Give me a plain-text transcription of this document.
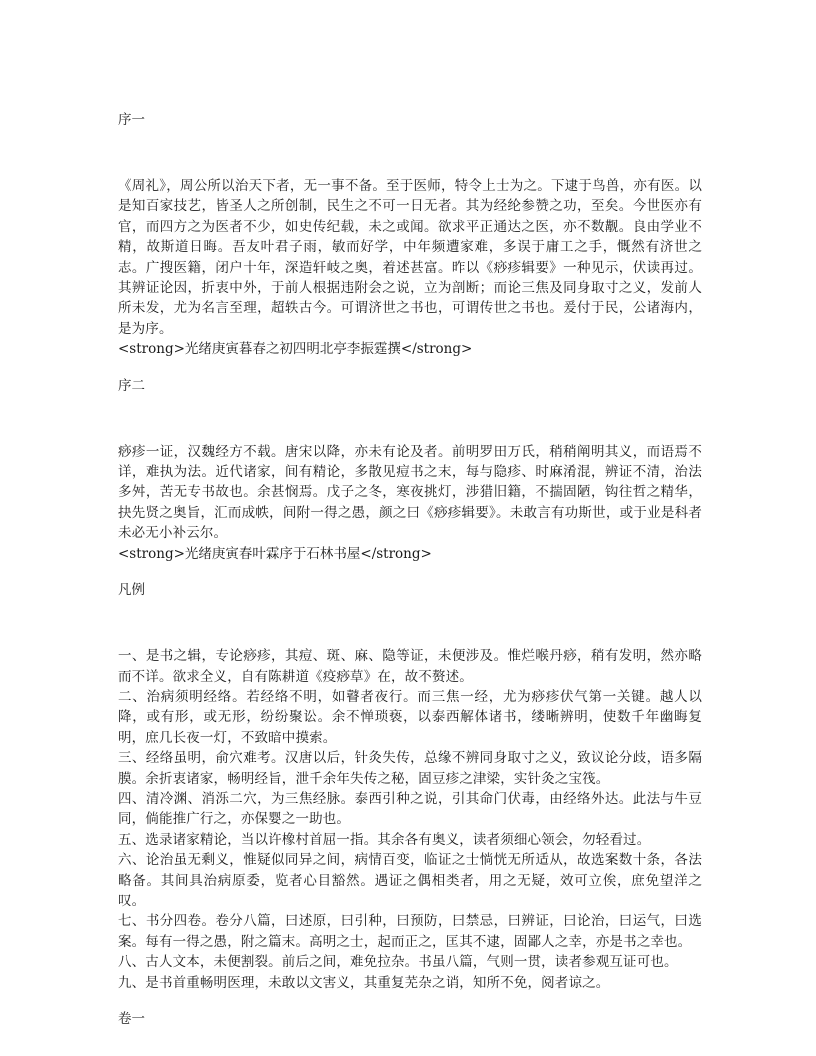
序一

《周礼》，周公所以治天下者，无一事不备。至于医师，特令上士为之。下逮于鸟兽，亦有医。以是知百家技艺，皆圣人之所创制，民生之不可一日无者。其为经纶参赞之功，至矣。今世医亦有官，而四方之为医者不少，如史传纪载，未之或闻。欲求平正通达之医，亦不数觏。良由学业不精，故斯道日晦。吾友叶君子雨，敏而好学，中年频遭家难，多误于庸工之手，慨然有济世之志。广搜医籍，闭户十年，深造轩岐之奥，着述甚富。昨以《痧疹辑要》一种见示，伏读再过。其辨证论因，折衷中外，于前人根据违附会之说，立为剖断；而论三焦及同身取寸之义，发前人所未发，尤为名言至理，超轶古今。可谓济世之书也，可谓传世之书也。爰付于民，公诸海内，是为序。

<strong>光绪庚寅暮春之初四明北亭李振霆撰</strong>

序二

痧疹一证，汉魏经方不载。唐宋以降，亦未有论及者。前明罗田万氏，稍稍阐明其义，而语焉不详，难执为法。近代诸家，间有精论，多散见痘书之末，每与隐疹、时麻淆混，辨证不清，治法多舛，苦无专书故也。余甚悯焉。戊子之冬，寒夜挑灯，涉猎旧籍，不揣固陋，钩往哲之精华，抉先贤之奥旨，汇而成帙，间附一得之愚，颜之曰《痧疹辑要》。未敢言有功斯世，或于业是科者未必无小补云尔。

<strong>光绪庚寅春叶霖序于石林书屋</strong>

凡例

一、是书之辑，专论痧疹，其痘、斑、麻、隐等证，未便涉及。惟烂喉丹痧，稍有发明，然亦略而不详。欲求全义，自有陈耕道《疫痧草》在，故不赘述。

二、治病须明经络。若经络不明，如瞽者夜行。而三焦一经，尤为痧疹伏气第一关键。越人以降，或有形，或无形，纷纷聚讼。余不惮琐亵，以泰西解体诸书，缕晰辨明，使数千年幽晦复明，庶几长夜一灯，不致暗中摸索。

三、经络虽明，俞穴难考。汉唐以后，针灸失传，总缘不辨同身取寸之义，致议论分歧，语多隔膜。余折衷诸家，畅明经旨，泄千余年失传之秘，固豆疹之津梁，实针灸之宝筏。

四、清冷渊、消泺二穴，为三焦经脉。泰西引种之说，引其命门伏毒，由经络外达。此法与牛豆同，倘能推广行之，亦保婴之一助也。

五、选录诸家精论，当以许橡村首屈一指。其余各有奥义，读者须细心领会，勿轻看过。

六、论治虽无剩义，惟疑似同异之间，病情百变，临证之士惝恍无所适从，故选案数十条，各法略备。其间具治病原委，览者心目豁然。遇证之偶相类者，用之无疑，效可立俟，庶免望洋之叹。

七、书分四卷。卷分八篇，曰述原，曰引种，曰预防，曰禁忌，曰辨证，曰论治，曰运气，曰选案。每有一得之愚，附之篇末。高明之士，起而正之，匡其不逮，固鄙人之幸，亦是书之幸也。

八、古人文本，未便割裂。前后之间，难免拉杂。书虽八篇，气则一贯，读者参观互证可也。

九、是书首重畅明医理，未敢以文害义，其重复芜杂之诮，知所不免，阅者谅之。

卷一
